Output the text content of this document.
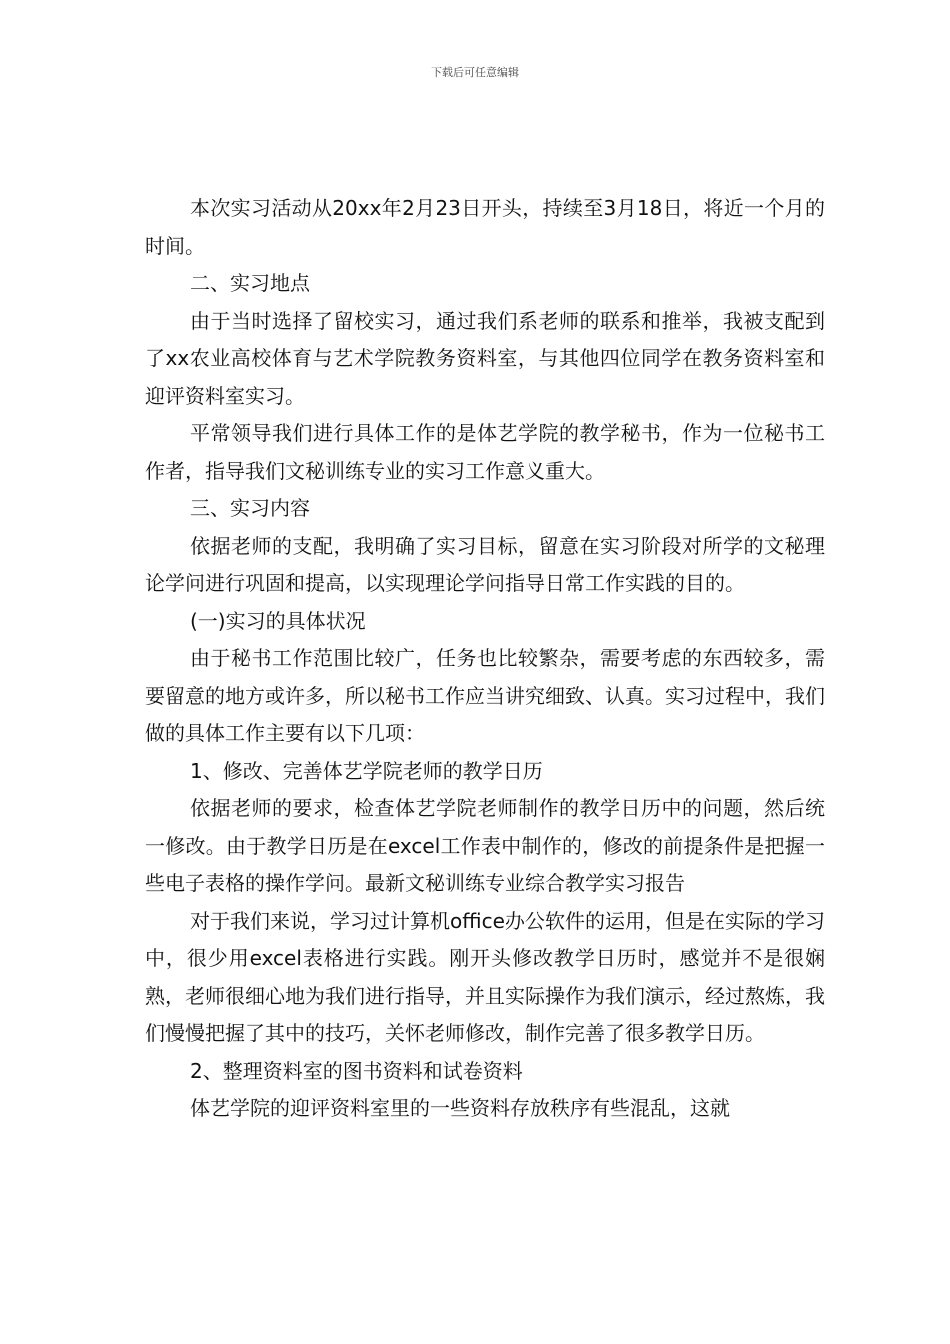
下载后可任意编辑

本次实习活动从20xx年2月23日开头，持续至3月18日，将近一个月的时间。

二、实习地点

由于当时选择了留校实习，通过我们系老师的联系和推举，我被支配到了xx农业高校体育与艺术学院教务资料室，与其他四位同学在教务资料室和迎评资料室实习。

平常领导我们进行具体工作的是体艺学院的教学秘书，作为一位秘书工作者，指导我们文秘训练专业的实习工作意义重大。

三、实习内容

依据老师的支配，我明确了实习目标，留意在实习阶段对所学的文秘理论学问进行巩固和提高，以实现理论学问指导日常工作实践的目的。

(一)实习的具体状况

由于秘书工作范围比较广，任务也比较繁杂，需要考虑的东西较多，需要留意的地方或许多，所以秘书工作应当讲究细致、认真。实习过程中，我们做的具体工作主要有以下几项：

1、修改、完善体艺学院老师的教学日历

依据老师的要求，检查体艺学院老师制作的教学日历中的问题，然后统一修改。由于教学日历是在excel工作表中制作的，修改的前提条件是把握一些电子表格的操作学问。最新文秘训练专业综合教学实习报告

对于我们来说，学习过计算机office办公软件的运用，但是在实际的学习中，很少用excel表格进行实践。刚开头修改教学日历时，感觉并不是很娴熟，老师很细心地为我们进行指导，并且实际操作为我们演示，经过熬炼，我们慢慢把握了其中的技巧，关怀老师修改，制作完善了很多教学日历。

2、整理资料室的图书资料和试卷资料

体艺学院的迎评资料室里的一些资料存放秩序有些混乱，这就
